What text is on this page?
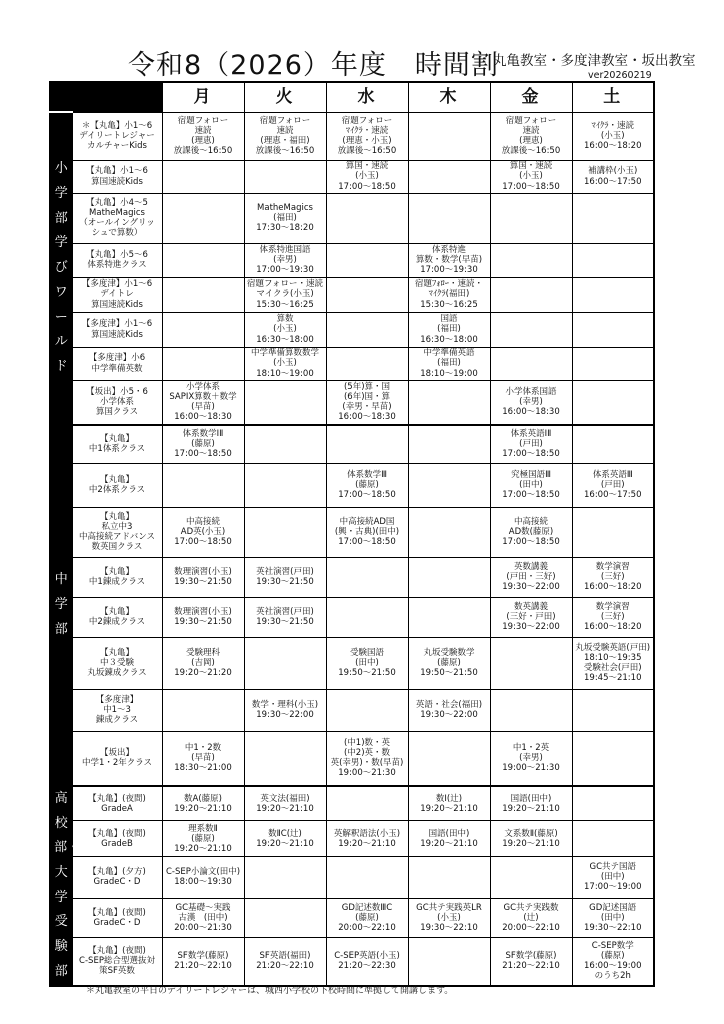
令和8（2026）年度　時間割
丸亀教室・多度津教室・坂出教室
ver20260219
		月	火	水	木	金	土

小学部学びワールド	＊【丸亀】小1～6
デイリートレジャー
カルチャーKids	宿題フォロー
速読
(理恵)
放課後～16:50	宿題フォロー
速読
(理恵・福田)
放課後～16:50	宿題フォロー
ﾏｲｸﾗ・速読
(理恵・小玉)
放課後～16:50		宿題フォロー
速読
(理恵)
放課後～16:50	ﾏｲｸﾗ・速読
(小玉)
16:00～18:20
	【丸亀】小1～6
算国速読Kids			算国・速読
(小玉)
17:00～18:50		算国・速読
(小玉)
17:00～18:50	補講枠(小玉)
16:00～17:50
	【丸亀】小4～5
MatheMagics
（オールイングリッ
シュで算数）		MatheMagics
(福田)
17:30～18:20				
	【丸亀】小5～6
体系特進クラス		体系特進国語
(幸男)
17:00～19:30		体系特進
算数・数学(早苗)
17:00～19:30		
	【多度津】小1～6
デイトレ
算国速読Kids		宿題フォロー・速読
マイクラ(小玉)
15:30～16:25		宿題ﾌｫﾛｰ・速読・
ﾏｲｸﾗ(福田)
15:30～16:25		
	【多度津】小1～6
算国速読Kids		算数
(小玉)
16:30～18:00		国語
(福田)
16:30～18:00		
	【多度津】小6
中学準備英数		中学準備算数数学
(小玉)
18:10～19:00		中学準備英語
(福田)
18:10～19:00		
	【坂出】小5・6
小学体系
算国クラス	小学体系
SAPIX算数＋数学
(早苗)
16:00～18:30		(5年)算・国
(6年)国・算
(幸男・早苗)
16:00～18:30		小学体系国語
(幸男)
16:00～18:30	

中学部	【丸亀】
中1体系クラス	体系数学ⅠⅡ
(藤原)
17:00～18:50				体系英語ⅠⅡ
(戸田)
17:00～18:50	
	【丸亀】
中2体系クラス			体系数学Ⅲ
(藤原)
17:00～18:50		究極国語Ⅲ
(田中)
17:00～18:50	体系英語Ⅲ
(戸田)
16:00～17:50
	【丸亀】
私立中3
中高接続アドバンス
数英国クラス	中高接続
AD英(小玉)
17:00～18:50		中高接続AD国
(興・古典)(田中)
17:00～18:50		中高接続
AD数(藤原)
17:00～18:50	
	【丸亀】
中1錬成クラス	数理演習(小玉)
19:30～21:50	英社演習(戸田)
19:30～21:50			英数講義
(戸田・三好)
19:30～22:00	数学演習
(三好)
16:00～18:20
	【丸亀】
中2錬成クラス	数理演習(小玉)
19:30～21:50	英社演習(戸田)
19:30～21:50			数英講義
(三好・戸田)
19:30～22:00	数学演習
(三好)
16:00～18:20
	【丸亀】
中３受験
丸坂錬成クラス	受験理科
(吉岡)
19:20～21:20		受験国語
(田中)
19:50～21:50	丸坂受験数学
(藤原)
19:50～21:50		丸坂受験英語(戸田)
18:10～19:35
受験社会(戸田)
19:45～21:10
	【多度津】
中1～3
錬成クラス		数学・理科(小玉)
19:30～22:00		英語・社会(福田)
19:30～22:00		
	【坂出】
中学1・2年クラス	中1・2数
(早苗)
18:30～21:00		(中1)数・英
(中2)英・数
英(幸男)・数(早苗)
19:00～21:30		中1・2英
(幸男)
19:00～21:30	

高校部・大学受験部	【丸亀】(夜間)
GradeA	数A(藤原)
19:20～21:10	英文法(福田)
19:20～21:10		数Ⅰ(辻)
19:20～21:10	国語(田中)
19:20～21:10	
	【丸亀】(夜間)
GradeB	理系数Ⅱ
(藤原)
19:20～21:10	数ⅡC(辻)
19:20～21:10	英解釈語法(小玉)
19:20～21:10	国語(田中)
19:20～21:10	文系数Ⅱ(藤原)
19:20～21:10	
	【丸亀】(夕方)
GradeC・D	C-SEP小論文(田中)
18:00～19:30					GC共テ国語
(田中)
17:00～19:00
	【丸亀】(夜間)
GradeC・D	GC基礎～実践
古漢　(田中)
20:00～21:30		GD記述数ⅢC
(藤原)
20:00～22:10	GC共テ実践英LR
(小玉)
19:30～22:10	GC共テ実践数
(辻)
20:00～22:10	GD記述国語
(田中)
19:30～22:10
	【丸亀】(夜間)
C-SEP総合型選抜対
策SF英数	SF数学(藤原)
21:20～22:10	SF英語(福田)
21:20～22:10	C-SEP英語(小玉)
21:20～22:30		SF数学(藤原)
21:20～22:10	C-SEP数学
(藤原)
16:00～19:00
のうち2h
＊丸亀教室の平日のデイリートレジャーは、城西小学校の下校時間に準拠して開講します。
